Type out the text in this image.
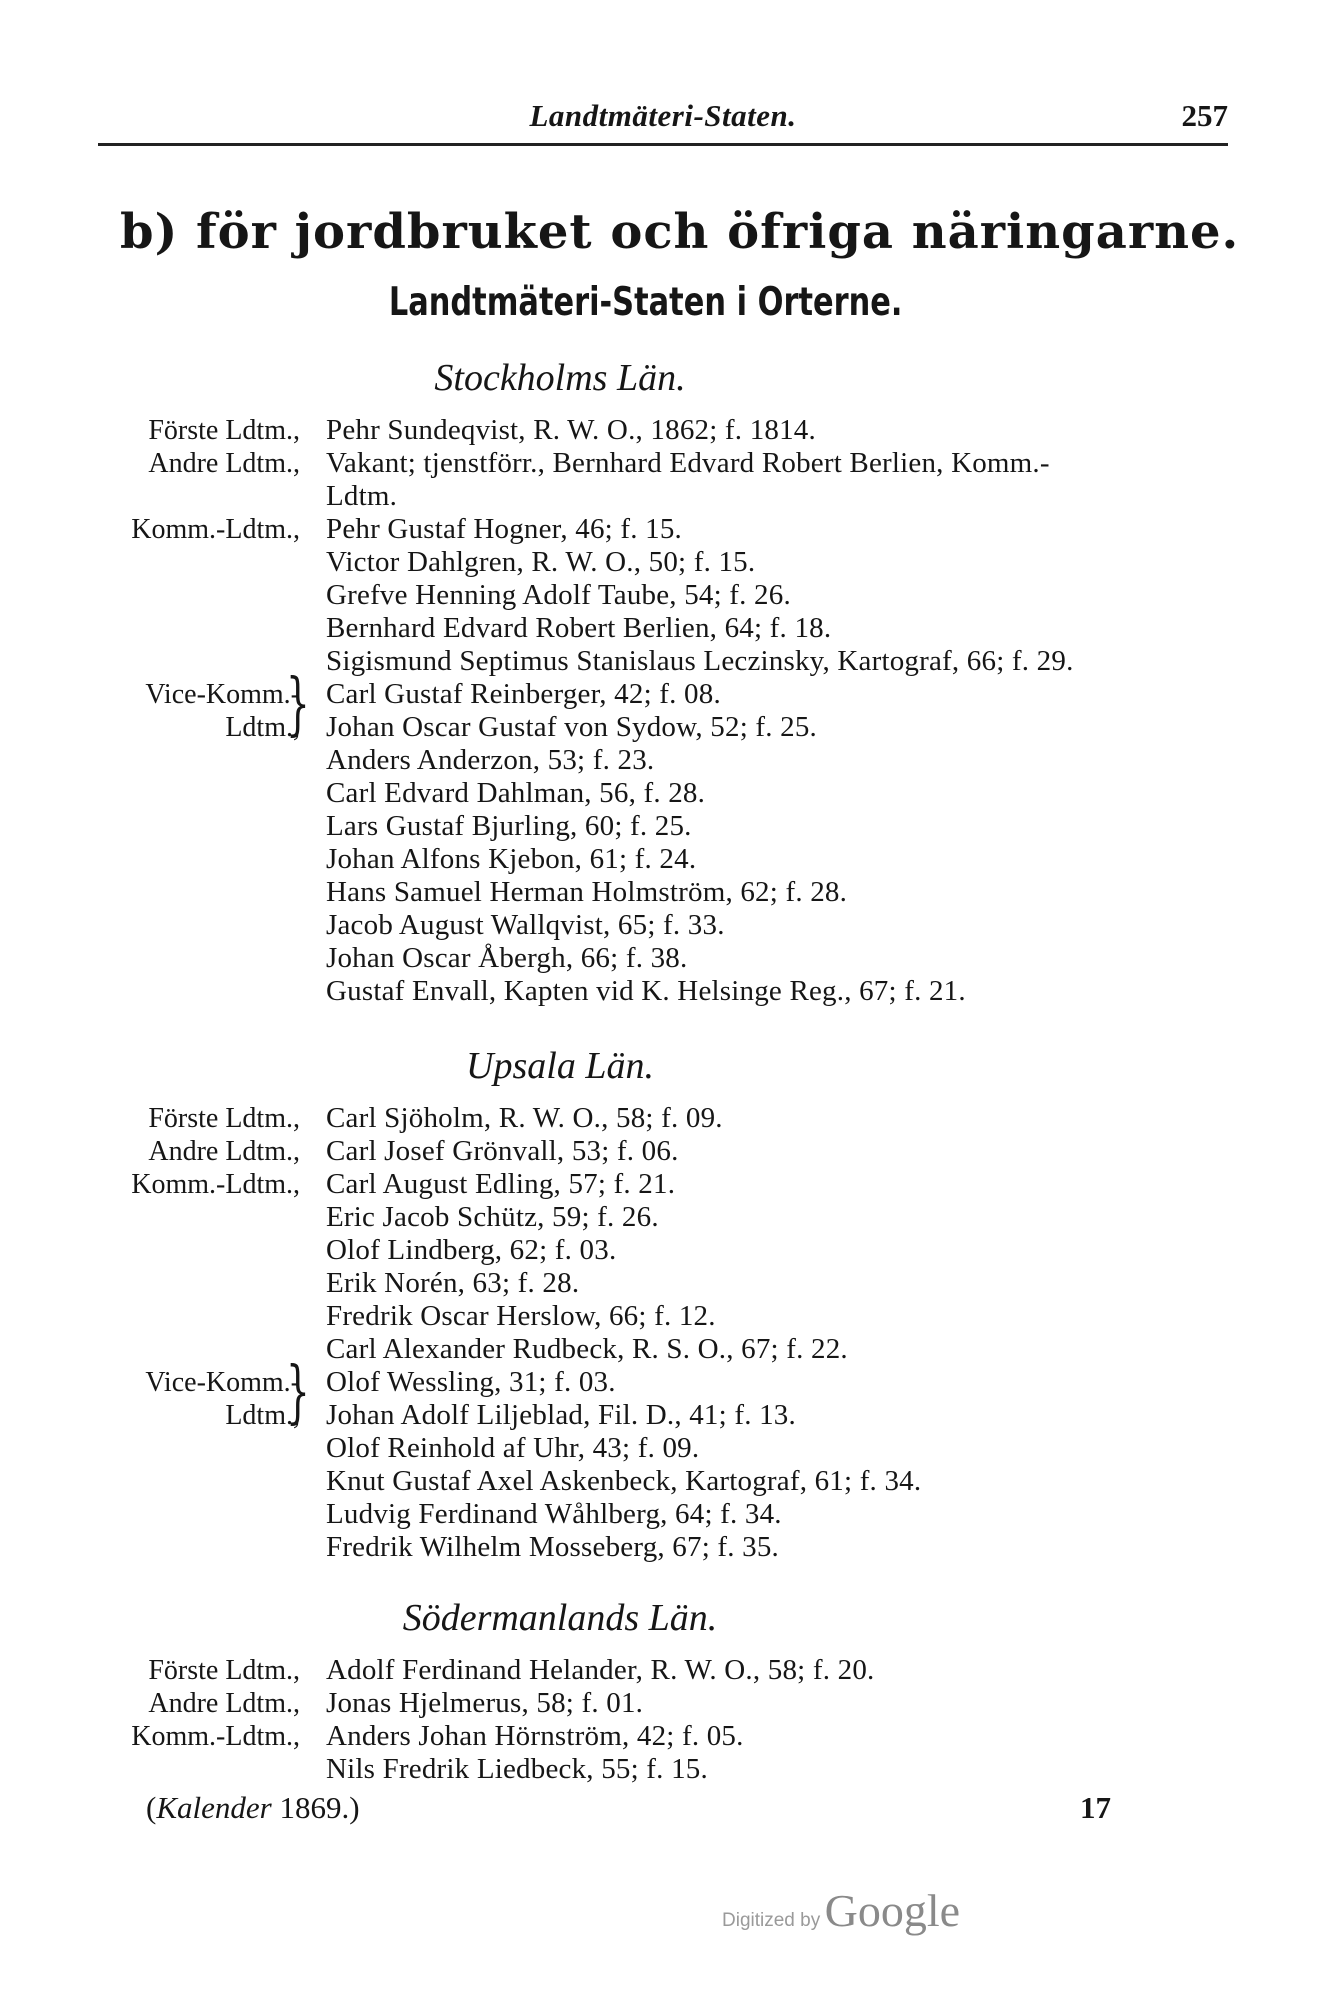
Landtmäteri-Staten.	257
b) för jordbruket och öfriga näringarne.
Landtmäteri-Staten i Orterne.
Stockholms Län.
Förste Ldtm.,
Andre Ldtm.,
Komm.-Ldtm.,
Vice-Komm.-
Ldtm.,
}
Pehr Sundeqvist, R. W. O., 1862; f. 1814.
Vakant; tjenstförr., Bernhard Edvard Robert Berlien, Komm.-
Ldtm.
Pehr Gustaf Hogner, 46; f. 15.
Victor Dahlgren, R. W. O., 50; f. 15.
Grefve Henning Adolf Taube, 54; f. 26.
Bernhard Edvard Robert Berlien, 64; f. 18.
Sigismund Septimus Stanislaus Leczinsky, Kartograf, 66; f. 29.
Carl Gustaf Reinberger, 42; f. 08.
Johan Oscar Gustaf von Sydow, 52; f. 25.
Anders Anderzon, 53; f. 23.
Carl Edvard Dahlman, 56, f. 28.
Lars Gustaf Bjurling, 60; f. 25.
Johan Alfons Kjebon, 61; f. 24.
Hans Samuel Herman Holmström, 62; f. 28.
Jacob August Wallqvist, 65; f. 33.
Johan Oscar Åbergh, 66; f. 38.
Gustaf Envall, Kapten vid K. Helsinge Reg., 67; f. 21.
Upsala Län.
Förste Ldtm.,
Andre Ldtm.,
Komm.-Ldtm.,
Vice-Komm.-
Ldtm.,
}
Carl Sjöholm, R. W. O., 58; f. 09.
Carl Josef Grönvall, 53; f. 06.
Carl August Edling, 57; f. 21.
Eric Jacob Schütz, 59; f. 26.
Olof Lindberg, 62; f. 03.
Erik Norén, 63; f. 28.
Fredrik Oscar Herslow, 66; f. 12.
Carl Alexander Rudbeck, R. S. O., 67; f. 22.
Olof Wessling, 31; f. 03.
Johan Adolf Liljeblad, Fil. D., 41; f. 13.
Olof Reinhold af Uhr, 43; f. 09.
Knut Gustaf Axel Askenbeck, Kartograf, 61; f. 34.
Ludvig Ferdinand Wåhlberg, 64; f. 34.
Fredrik Wilhelm Mosseberg, 67; f. 35.
Södermanlands Län.
Förste Ldtm.,
Andre Ldtm.,
Komm.-Ldtm.,
Adolf Ferdinand Helander, R. W. O., 58; f. 20.
Jonas Hjelmerus, 58; f. 01.
Anders Johan Hörnström, 42; f. 05.
Nils Fredrik Liedbeck, 55; f. 15.
(Kalender 1869.)	17
Digitized by Google
